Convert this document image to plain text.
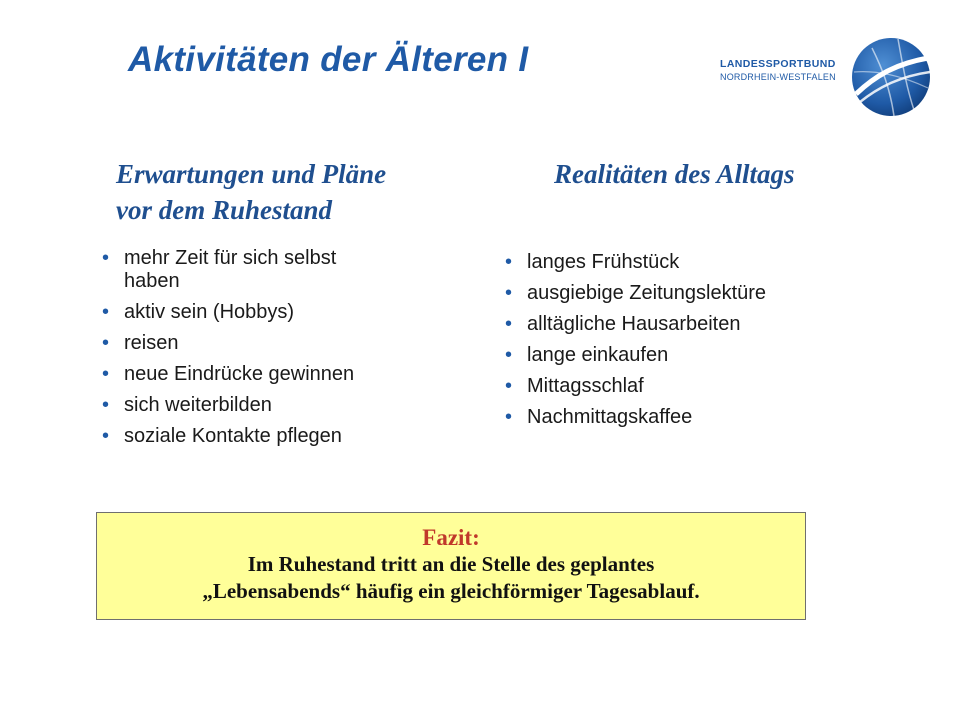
Aktivitäten der Älteren I	LANDESSPORTBUND
NORDRHEIN-WESTFALEN
Erwartungen und Pläne
vor dem Ruhestand
Realitäten des Alltags
• mehr Zeit für sich selbst
haben
• aktiv sein (Hobbys)
• reisen
• neue Eindrücke gewinnen
• sich weiterbilden
• soziale Kontakte pflegen
• langes Frühstück
• ausgiebige Zeitungslektüre
• alltägliche Hausarbeiten
• lange einkaufen
• Mittagsschlaf
• Nachmittagskaffee
Fazit:
Im Ruhestand tritt an die Stelle des geplantes
„Lebensabends“ häufig ein gleichförmiger Tagesablauf.
